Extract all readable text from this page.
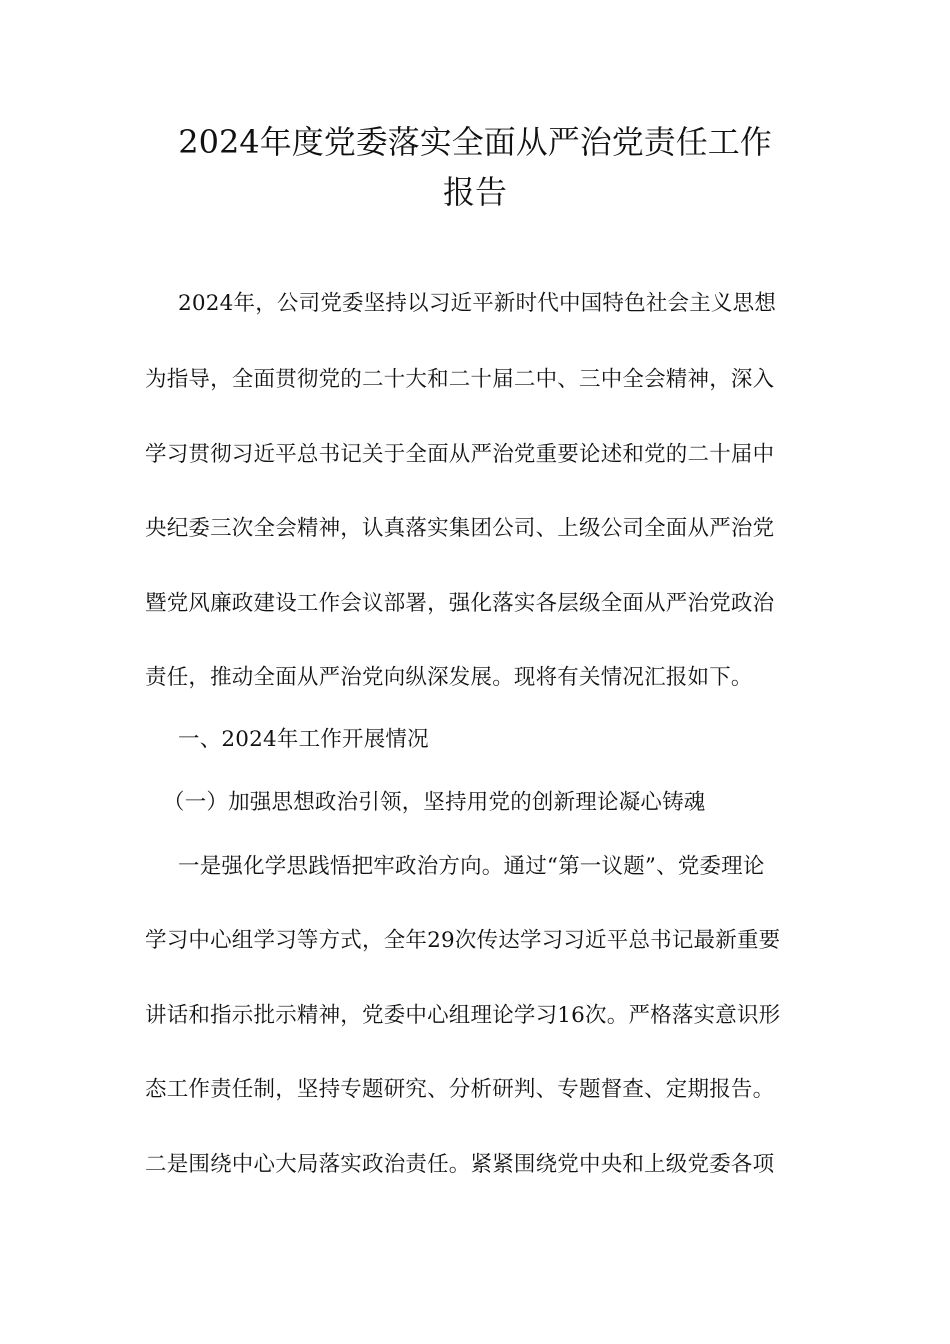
2024年度党委落实全面从严治党责任工作
报告
2024年，公司党委坚持以习近平新时代中国特色社会主义思想
为指导，全面贯彻党的二十大和二十届二中、三中全会精神，深入
学习贯彻习近平总书记关于全面从严治党重要论述和党的二十届中
央纪委三次全会精神，认真落实集团公司、上级公司全面从严治党
暨党风廉政建设工作会议部署，强化落实各层级全面从严治党政治
责任，推动全面从严治党向纵深发展。现将有关情况汇报如下。
一、2024年工作开展情况
（一）加强思想政治引领，坚持用党的创新理论凝心铸魂
一是强化学思践悟把牢政治方向。通过“第一议题”、党委理论
学习中心组学习等方式，全年29次传达学习习近平总书记最新重要
讲话和指示批示精神，党委中心组理论学习16次。严格落实意识形
态工作责任制，坚持专题研究、分析研判、专题督查、定期报告。
二是围绕中心大局落实政治责任。紧紧围绕党中央和上级党委各项
